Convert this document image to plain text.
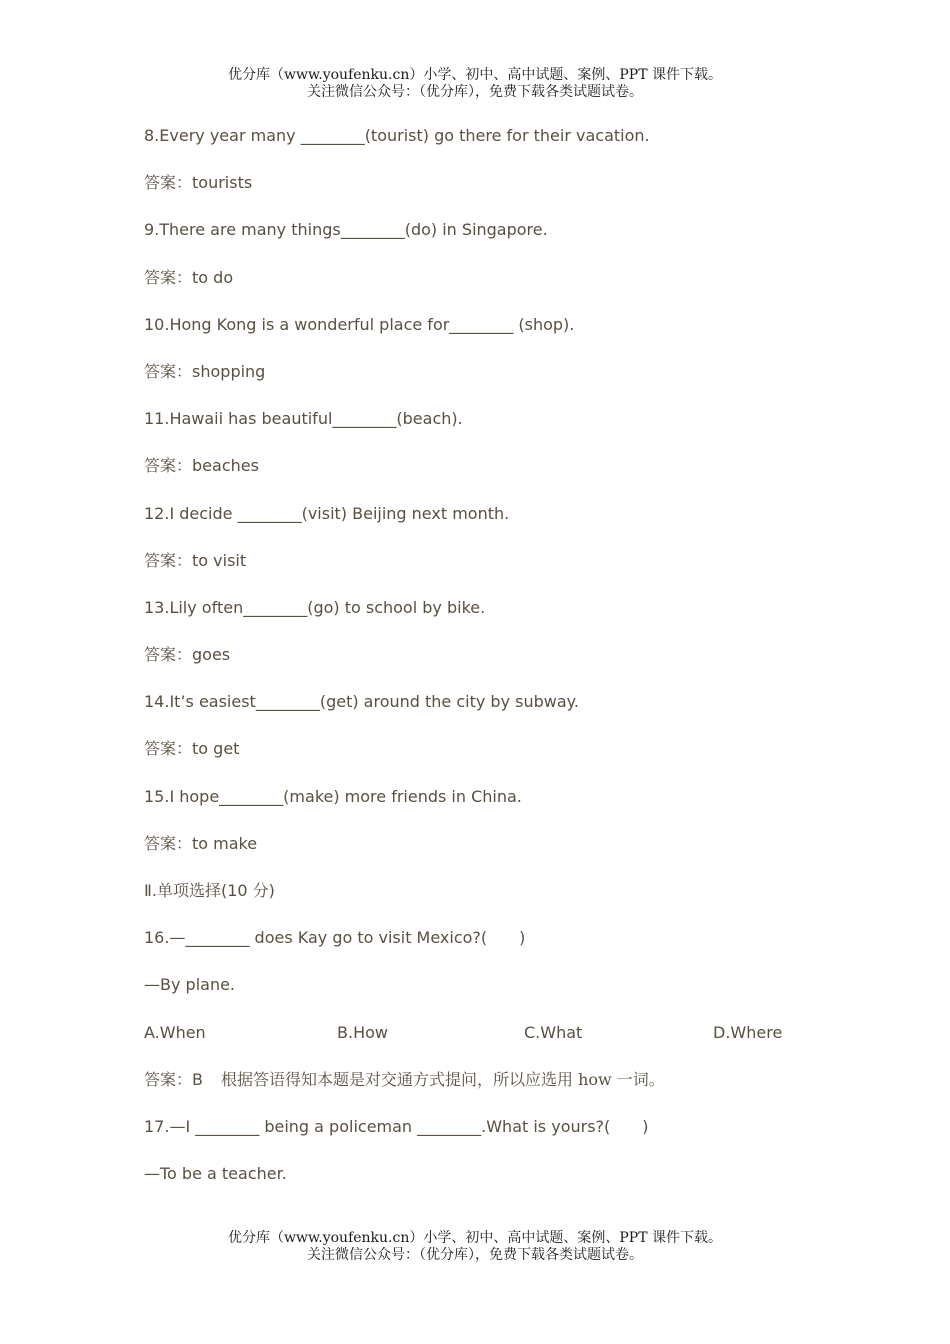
优分库（www.youfenku.cn）小学、初中、高中试题、案例、PPT 课件下载。
关注微信公众号：（优分库），免费下载各类试题试卷。
8.Every year many ________(tourist) go there for their vacation.
答案：tourists
9.There are many things________(do) in Singapore.
答案：to do
10.Hong Kong is a wonderful place for________ (shop).
答案：shopping
11.Hawaii has beautiful________(beach).
答案：beaches
12.I decide ________(visit) Beijing next month.
答案：to visit
13.Lily often________(go) to school by bike.
答案：goes
14.It’s easiest________(get) around the city by subway.
答案：to get
15.I hope________(make) more friends in China.
答案：to make
Ⅱ.单项选择(10 分)
16.—________ does Kay go to visit Mexico?(　　)
—By plane.
A.When	B.How	C.What	D.Where
答案：B 根据答语得知本题是对交通方式提问，所以应选用 how 一词。
17.—I ________ being a policeman ________.What is yours?(　　)
—To be a teacher.
优分库（www.youfenku.cn）小学、初中、高中试题、案例、PPT 课件下载。
关注微信公众号：（优分库），免费下载各类试题试卷。
